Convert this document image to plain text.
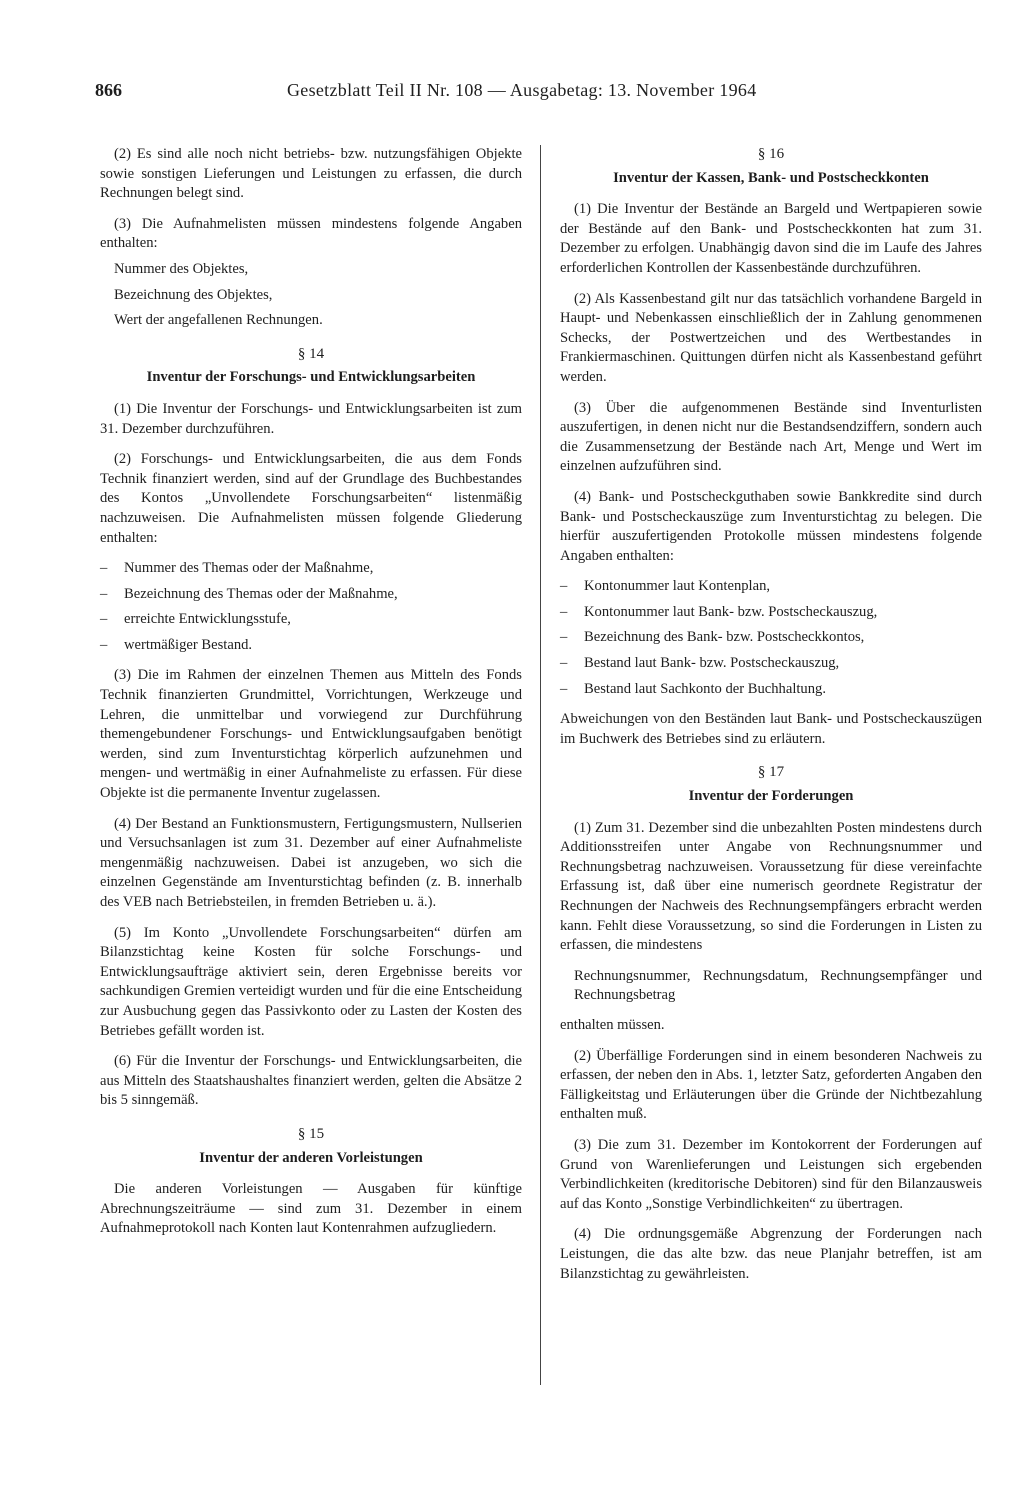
866	Gesetzblatt Teil II Nr. 108 — Ausgabetag: 13. November 1964

(2) Es sind alle noch nicht betriebs- bzw. nutzungsfähigen Objekte sowie sonstigen Lieferungen und Leistungen zu erfassen, die durch Rechnungen belegt sind.

(3) Die Aufnahmelisten müssen mindestens folgende Angaben enthalten:

Nummer des Objektes,
Bezeichnung des Objektes,
Wert der angefallenen Rechnungen.
§ 14
Inventur der Forschungs- und Entwicklungsarbeiten

(1) Die Inventur der Forschungs- und Entwicklungsarbeiten ist zum 31. Dezember durchzuführen.

(2) Forschungs- und Entwicklungsarbeiten, die aus dem Fonds Technik finanziert werden, sind auf der Grundlage des Buchbestandes des Kontos „Unvollendete Forschungsarbeiten“ listenmäßig nachzuweisen. Die Aufnahmelisten müssen folgende Gliederung enthalten:

–	Nummer des Themas oder der Maßnahme,
–	Bezeichnung des Themas oder der Maßnahme,
–	erreichte Entwicklungsstufe,
–	wertmäßiger Bestand.

(3) Die im Rahmen der einzelnen Themen aus Mitteln des Fonds Technik finanzierten Grundmittel, Vorrichtungen, Werkzeuge und Lehren, die unmittelbar und vorwiegend zur Durchführung themengebundener Forschungs- und Entwicklungsaufgaben benötigt werden, sind zum Inventurstichtag körperlich aufzunehmen und mengen- und wertmäßig in einer Aufnahmeliste zu erfassen. Für diese Objekte ist die permanente Inventur zugelassen.

(4) Der Bestand an Funktionsmustern, Fertigungsmustern, Nullserien und Versuchsanlagen ist zum 31. Dezember auf einer Aufnahmeliste mengenmäßig nachzuweisen. Dabei ist anzugeben, wo sich die einzelnen Gegenstände am Inventurstichtag befinden (z. B. innerhalb des VEB nach Betriebsteilen, in fremden Betrieben u. ä.).

(5) Im Konto „Unvollendete Forschungsarbeiten“ dürfen am Bilanzstichtag keine Kosten für solche Forschungs- und Entwicklungsaufträge aktiviert sein, deren Ergebnisse bereits vor sachkundigen Gremien verteidigt wurden und für die eine Entscheidung zur Ausbuchung gegen das Passivkonto oder zu Lasten der Kosten des Betriebes gefällt worden ist.

(6) Für die Inventur der Forschungs- und Entwicklungsarbeiten, die aus Mitteln des Staatshaushaltes finanziert werden, gelten die Absätze 2 bis 5 sinngemäß.

§ 15
Inventur der anderen Vorleistungen

Die anderen Vorleistungen — Ausgaben für künftige Abrechnungszeiträume — sind zum 31. Dezember in einem Aufnahmeprotokoll nach Konten laut Kontenrahmen aufzugliedern.

§ 16
Inventur der Kassen, Bank- und Postscheckkonten

(1) Die Inventur der Bestände an Bargeld und Wertpapieren sowie der Bestände auf den Bank- und Postscheckkonten hat zum 31. Dezember zu erfolgen. Unabhängig davon sind die im Laufe des Jahres erforderlichen Kontrollen der Kassenbestände durchzuführen.

(2) Als Kassenbestand gilt nur das tatsächlich vorhandene Bargeld in Haupt- und Nebenkassen einschließlich der in Zahlung genommenen Schecks, der Postwertzeichen und des Wertbestandes in Frankiermaschinen. Quittungen dürfen nicht als Kassenbestand geführt werden.

(3) Über die aufgenommenen Bestände sind Inventurlisten auszufertigen, in denen nicht nur die Bestandsendziffern, sondern auch die Zusammensetzung der Bestände nach Art, Menge und Wert im einzelnen aufzuführen sind.

(4) Bank- und Postscheckguthaben sowie Bankkredite sind durch Bank- und Postscheckauszüge zum Inventurstichtag zu belegen. Die hierfür auszufertigenden Protokolle müssen mindestens folgende Angaben enthalten:

–	Kontonummer laut Kontenplan,
–	Kontonummer laut Bank- bzw. Postscheckauszug,
–	Bezeichnung des Bank- bzw. Postscheckkontos,
–	Bestand laut Bank- bzw. Postscheckauszug,
–	Bestand laut Sachkonto der Buchhaltung.

Abweichungen von den Beständen laut Bank- und Postscheckauszügen im Buchwerk des Betriebes sind zu erläutern.

§ 17
Inventur der Forderungen

(1) Zum 31. Dezember sind die unbezahlten Posten mindestens durch Additionsstreifen unter Angabe von Rechnungsnummer und Rechnungsbetrag nachzuweisen. Voraussetzung für diese vereinfachte Erfassung ist, daß über eine numerisch geordnete Registratur der Rechnungen der Nachweis des Rechnungsempfängers erbracht werden kann. Fehlt diese Voraussetzung, so sind die Forderungen in Listen zu erfassen, die mindestens

Rechnungsnummer, Rechnungsdatum, Rechnungsempfänger und Rechnungsbetrag

enthalten müssen.

(2) Überfällige Forderungen sind in einem besonderen Nachweis zu erfassen, der neben den in Abs. 1, letzter Satz, geforderten Angaben den Fälligkeitstag und Erläuterungen über die Gründe der Nichtbezahlung enthalten muß.

(3) Die zum 31. Dezember im Kontokorrent der Forderungen auf Grund von Warenlieferungen und Leistungen sich ergebenden Verbindlichkeiten (kreditorische Debitoren) sind für den Bilanzausweis auf das Konto „Sonstige Verbindlichkeiten“ zu übertragen.

(4) Die ordnungsgemäße Abgrenzung der Forderungen nach Leistungen, die das alte bzw. das neue Planjahr betreffen, ist am Bilanzstichtag zu gewährleisten.
